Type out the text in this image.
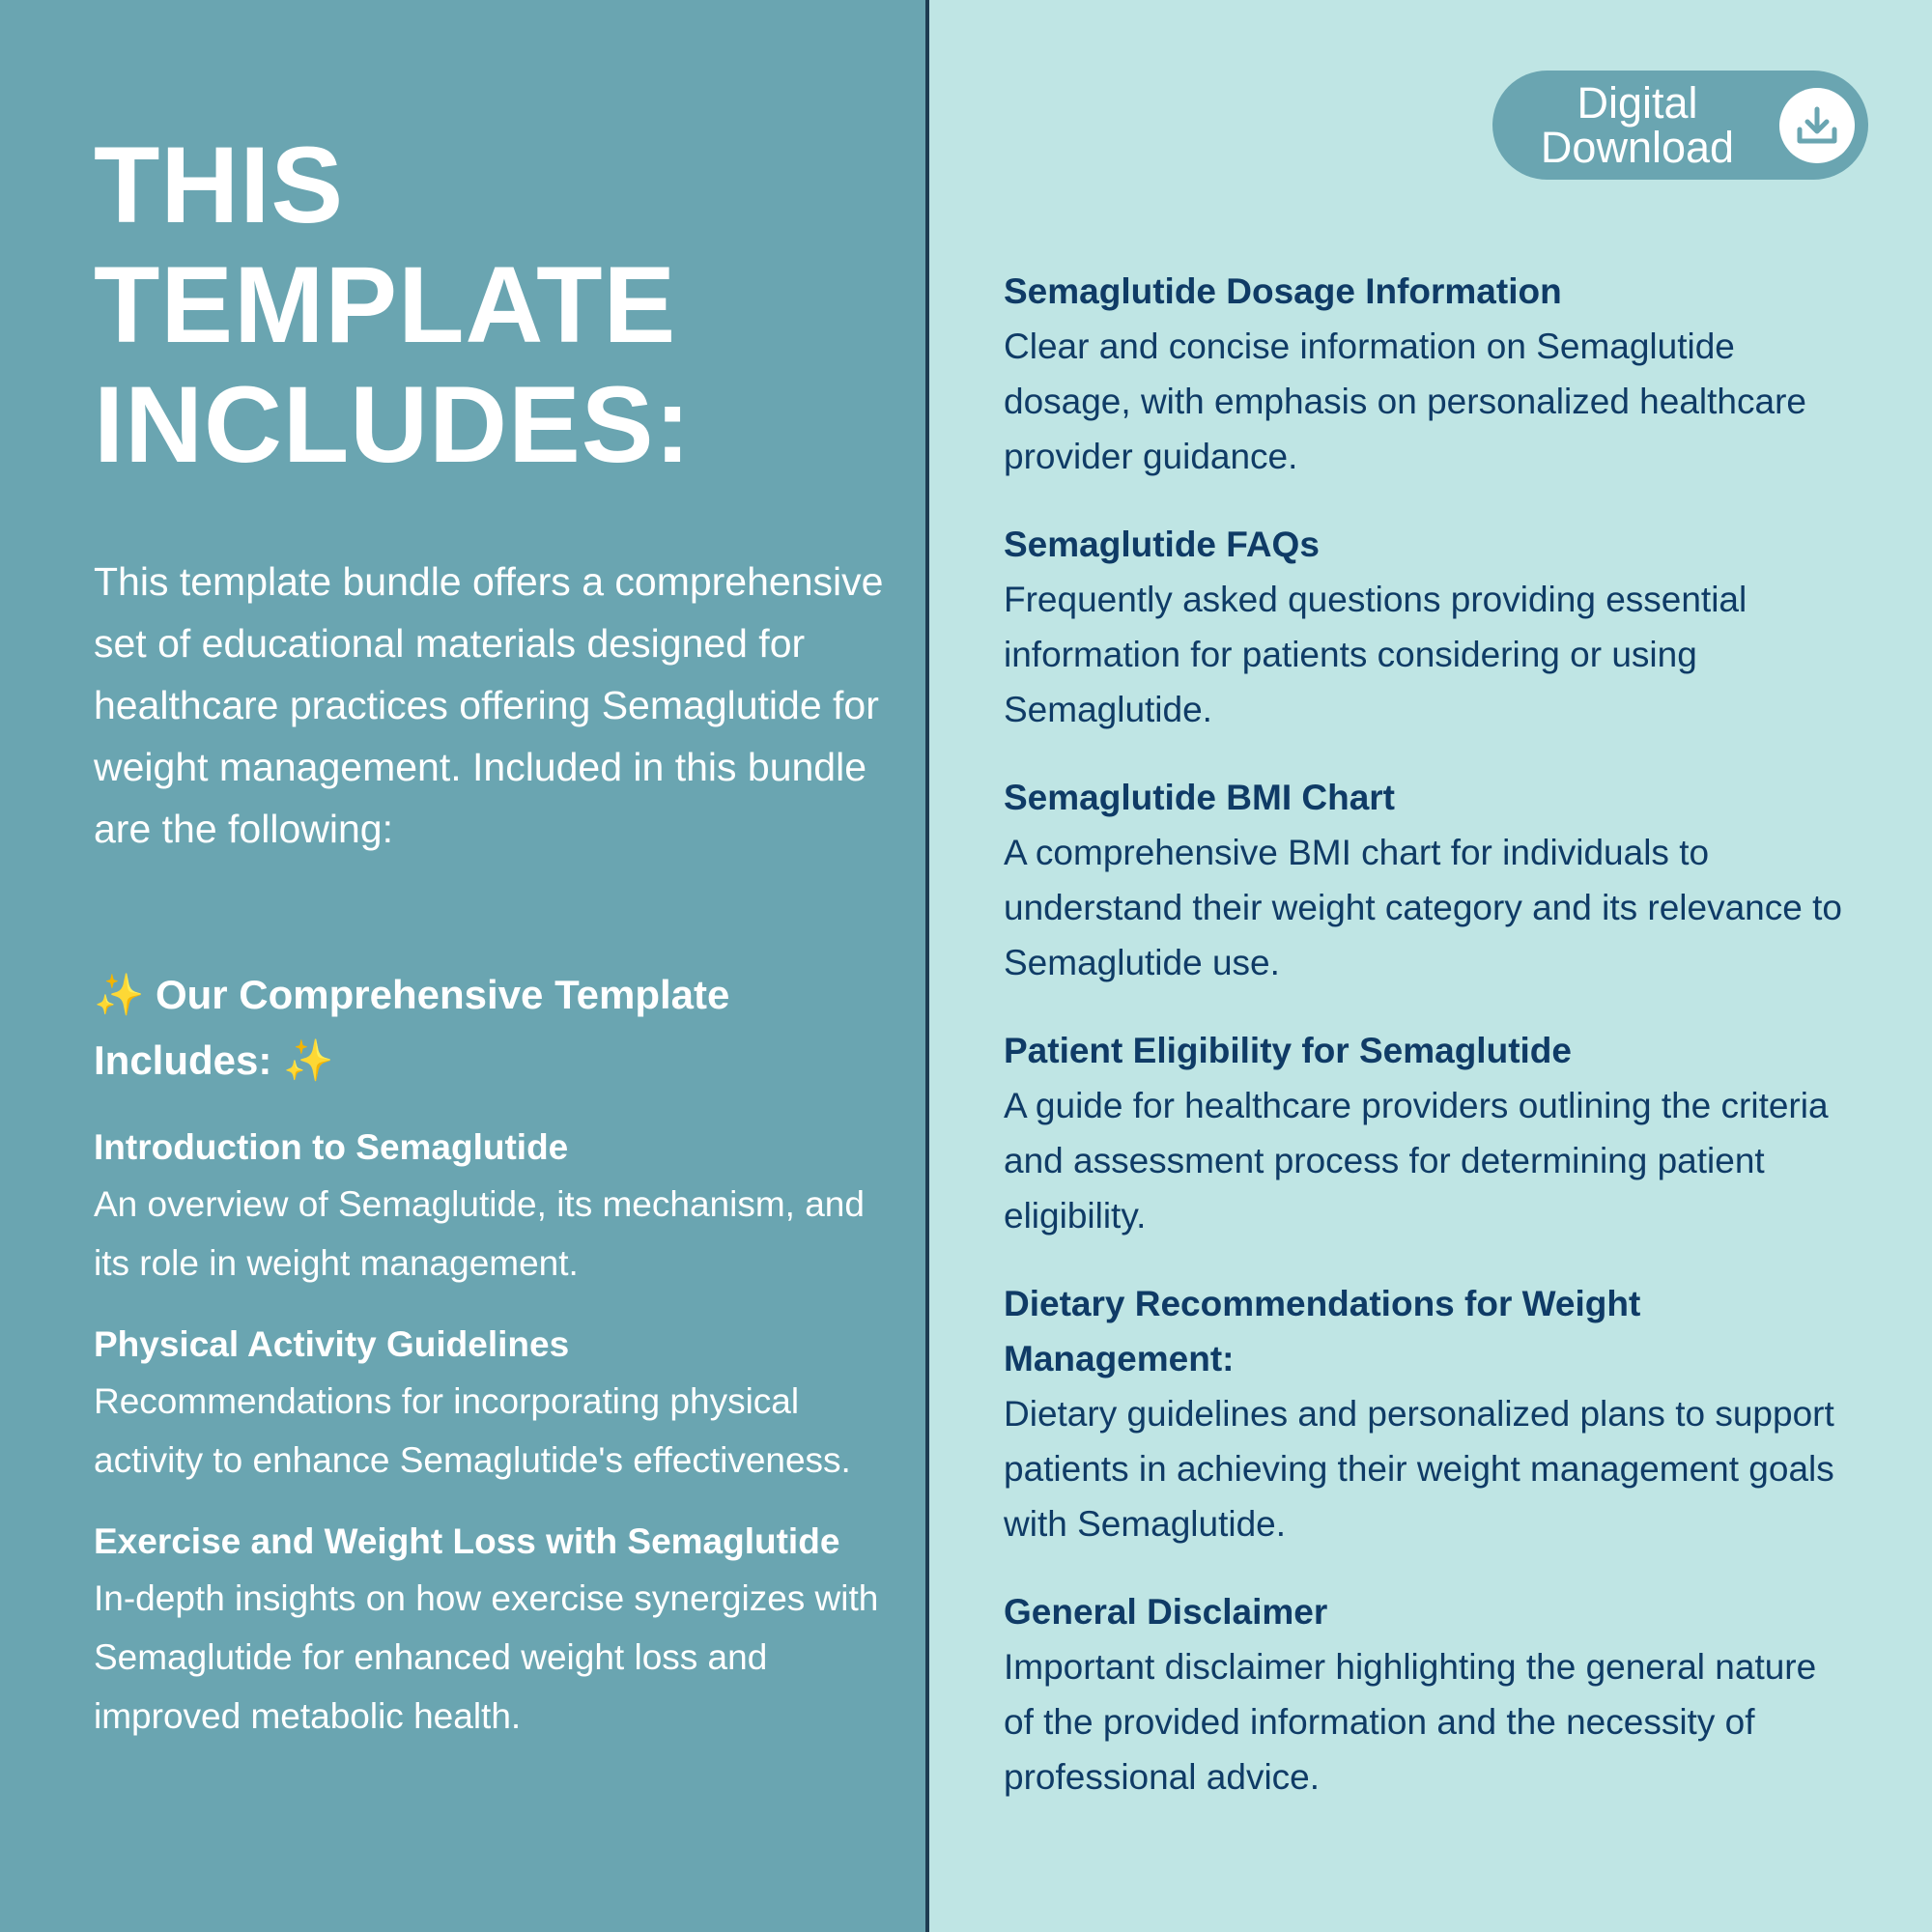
THIS
TEMPLATE
INCLUDES:

This template bundle offers a comprehensive set of educational materials designed for healthcare practices offering Semaglutide for weight management. Included in this bundle are the following:

✨ Our Comprehensive Template Includes: ✨
Introduction to Semaglutide

An overview of Semaglutide, its mechanism, and its role in weight management.

Physical Activity Guidelines

Recommendations for incorporating physical activity to enhance Semaglutide's effectiveness.

Exercise and Weight Loss with Semaglutide

In-depth insights on how exercise synergizes with Semaglutide for enhanced weight loss and improved metabolic health.

Digital
Download
Semaglutide Dosage Information

Clear and concise information on Semaglutide dosage, with emphasis on personalized healthcare provider guidance.

Semaglutide FAQs

Frequently asked questions providing essential information for patients considering or using Semaglutide.

Semaglutide BMI Chart

A comprehensive BMI chart for individuals to understand their weight category and its relevance to Semaglutide use.

Patient Eligibility for Semaglutide

A guide for healthcare providers outlining the criteria and assessment process for determining patient eligibility.

Dietary Recommendations for Weight Management:

Dietary guidelines and personalized plans to support patients in achieving their weight management goals with Semaglutide.

General Disclaimer

Important disclaimer highlighting the general nature of the provided information and the necessity of professional advice.
